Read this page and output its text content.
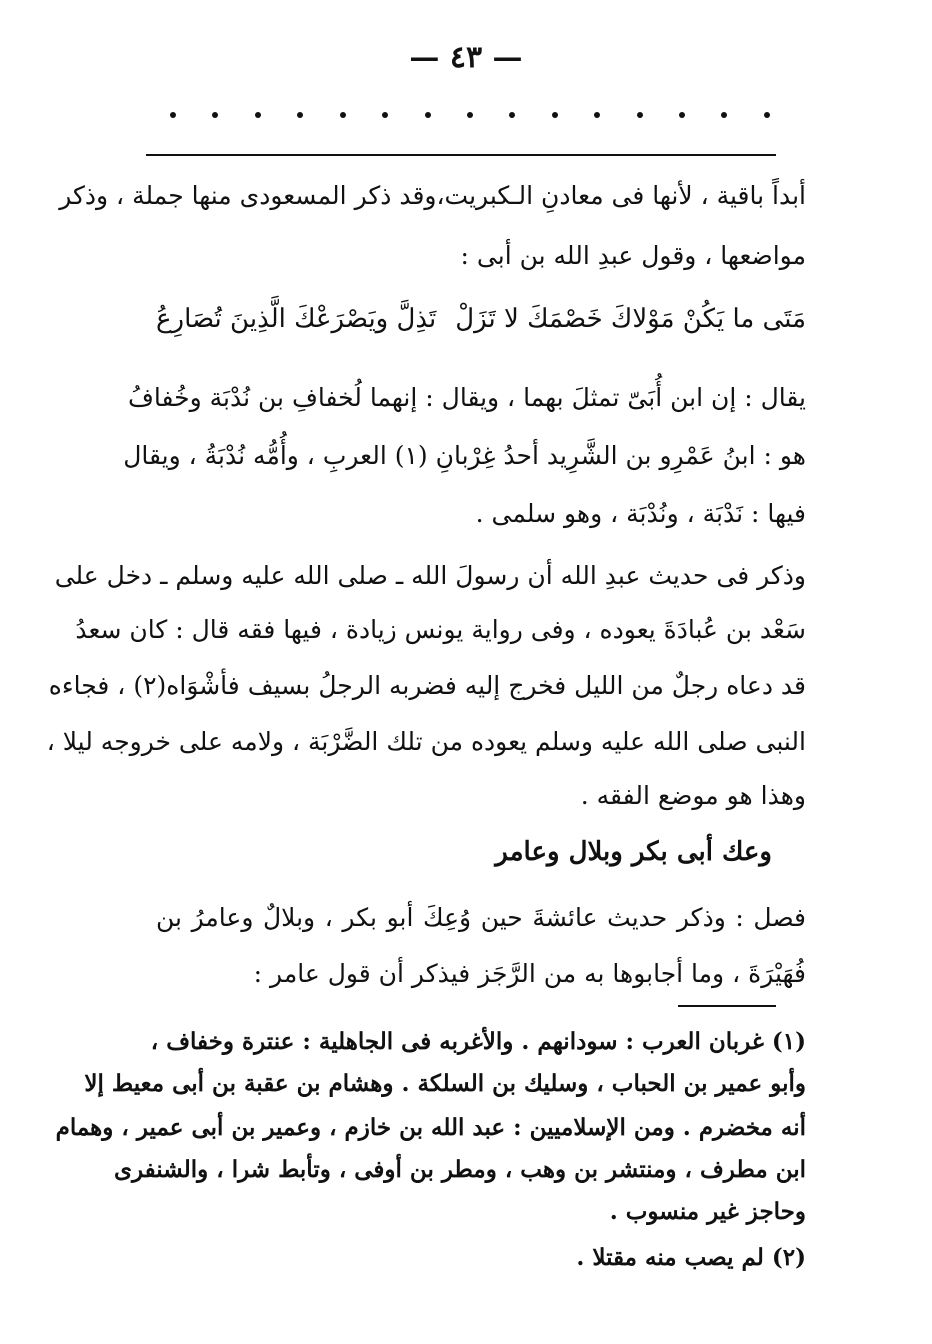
— ٤٣ —
أبداً باقية ، لأنها فى معادنِ الـكبريت،وقد ذكر المسعودى منها جملة ، وذكر
مواضعها ، وقول عبدِ الله بن أبى :
مَتَى ما يَكُنْ مَوْلاكَ خَصْمَكَ لا تَزَلْ
تَذِلَّ ويَصْرَعْكَ الَّذِينَ تُصَارِعُ
يقال : إن ابن أُبَىّ تمثلَ بهما ، ويقال : إنهما لُخفافِ بن نُدْبَة وخُفافُ
هو : ابنُ عَمْرِو بن الشَّرِيد أحدُ غِرْبانِ (١) العربِ ، وأُمُّه نُدْبَةُ ، ويقال
فيها : نَدْبَة ، ونُدْبَة ، وهو سلمى .
وذكر فى حديث عبدِ الله أن رسولَ الله ـ صلى الله عليه وسلم ـ دخل على
سَعْد بن عُبادَةَ يعوده ، وفى رواية يونس زيادة ، فيها فقه قال : كان سعدُ
قد دعاه رجلٌ من الليل فخرج إليه فضربه الرجلُ بسيف فأشْوَاه(٢) ، فجاءه
النبى صلى الله عليه وسلم يعوده من تلك الضَّرْبَة ، ولامه على خروجه ليلا ،
وهذا هو موضع الفقه .
وعك أبى بكر وبلال وعامر
فصل : وذكر حديث عائشةَ حين وُعِكَ أبو بكر ، وبلالٌ وعامرُ بن
فُهَيْرَةَ ، وما أجابوها به من الرَّجَز فيذكر أن قول عامر :
(١) غربان العرب : سودانهم . والأغربه فى الجاهلية : عنترة وخفاف ،
وأبو عمير بن الحباب ، وسليك بن السلكة . وهشام بن عقبة بن أبى معيط إلا
أنه مخضرم . ومن الإسلاميين : عبد الله بن خازم ، وعمير بن أبى عمير ، وهمام
ابن مطرف ، ومنتشر بن وهب ، ومطر بن أوفى ، وتأبط شرا ، والشنفرى
وحاجز غير منسوب .
(٢) لم يصب منه مقتلا .
